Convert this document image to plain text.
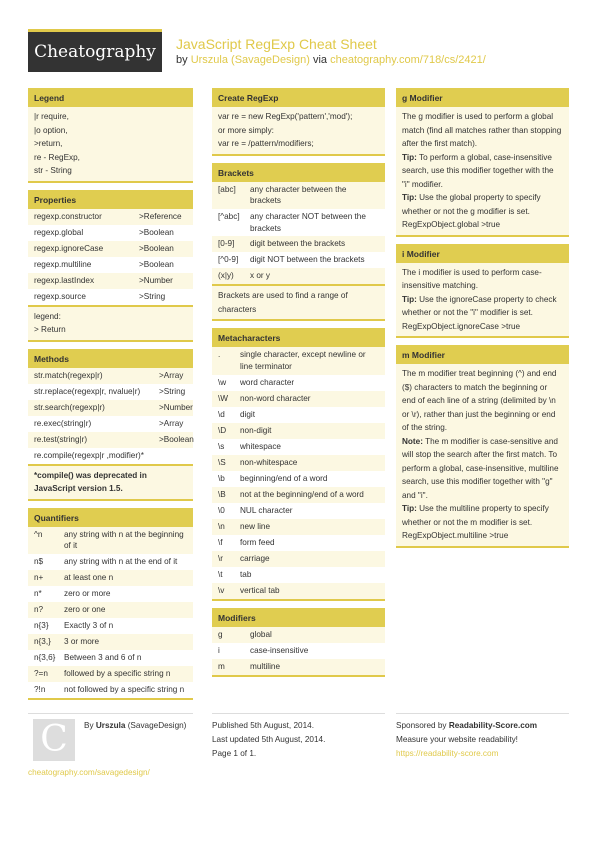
Cheatography	JavaScript RegExp Cheat Sheet
by Urszula (SavageDesign) via cheatography.com/718/cs/2421/
Legend
|r require,
|o option,
>return,
re - RegExp,
str - String
Properties
regexp.constructor	>Reference
regexp.global	>Boolean
regexp.ignoreCase	>Boolean
regexp.multiline	>Boolean
regexp.lastIndex	>Number
regexp.source	>String
legend:
> Return
Methods
str.match(regexp|r)	>Array
str.replace(regexp|r, nvalue|r)	>String
str.search(regexp|r)	>Number
re.exec(string|r)	>Array
re.test(string|r)	>Boolean
re.compile(regexp|r ,modifier)*
*compile() was deprecated in JavaScript version 1.5.
Quantifiers
^n	any string with n at the beginning of it
n$	any string with n at the end of it
n+	at least one n
n*	zero or more
n?	zero or one
n{3}	Exactly 3 of n
n{3,}	3 or more
n{3,6}	Between 3 and 6 of n
?=n	followed by a specific string n
?!n	not followed by a specific string n
Create RegExp
var re = new RegExp('pattern','mod');
or more simply:
var re = /pattern/modifiers;
Brackets
[abc]	any character between the brackets
[^abc]	any character NOT between the brackets
[0-9]	digit between the brackets
[^0-9]	digit NOT between the brackets
(x|y)	x or y
Brackets are used to find a range of characters
Metacharacters
.	single character, except newline or line terminator
\w	word character
\W	non-word character
\d	digit
\D	non-digit
\s	whitespace
\S	non-whitespace
\b	beginning/end of a word
\B	not at the beginning/end of a word
\0	NUL character
\n	new line
\f	form feed
\r	carriage
\t	tab
\v	vertical tab
Modifiers
g	global
i	case-insensitive
m	multiline
g Modifier
The g modifier is used to perform a global match (find all matches rather than stopping after the first match).
Tip: To perform a global, case-insensitive search, use this modifier together with the "i" modifier.
Tip: Use the global property to specify whether or not the g modifier is set.
RegExpObject.global >true
i Modifier
The i modifier is used to perform case-insensitive matching.
Tip: Use the ignoreCase property to check whether or not the "i" modifier is set.
RegExpObject.ignoreCase >true
m Modifier
The m modifier treat beginning (^) and end ($) characters to match the beginning or end of each line of a string (delimited by \n or \r), rather than just the beginning or end of the string.
Note: The m modifier is case-sensitive and will stop the search after the first match. To perform a global, case-insensitive, multiline search, use this modifier together with "g" and "i".
Tip: Use the multiline property to specify whether or not the m modifier is set.
RegExpObject.multiline >true
C	By Urszula (SavageDesign)
cheatography.com/savagedesign/
Published 5th August, 2014.
Last updated 5th August, 2014.
Page 1 of 1.
Sponsored by Readability-Score.com
Measure your website readability!
https://readability-score.com
